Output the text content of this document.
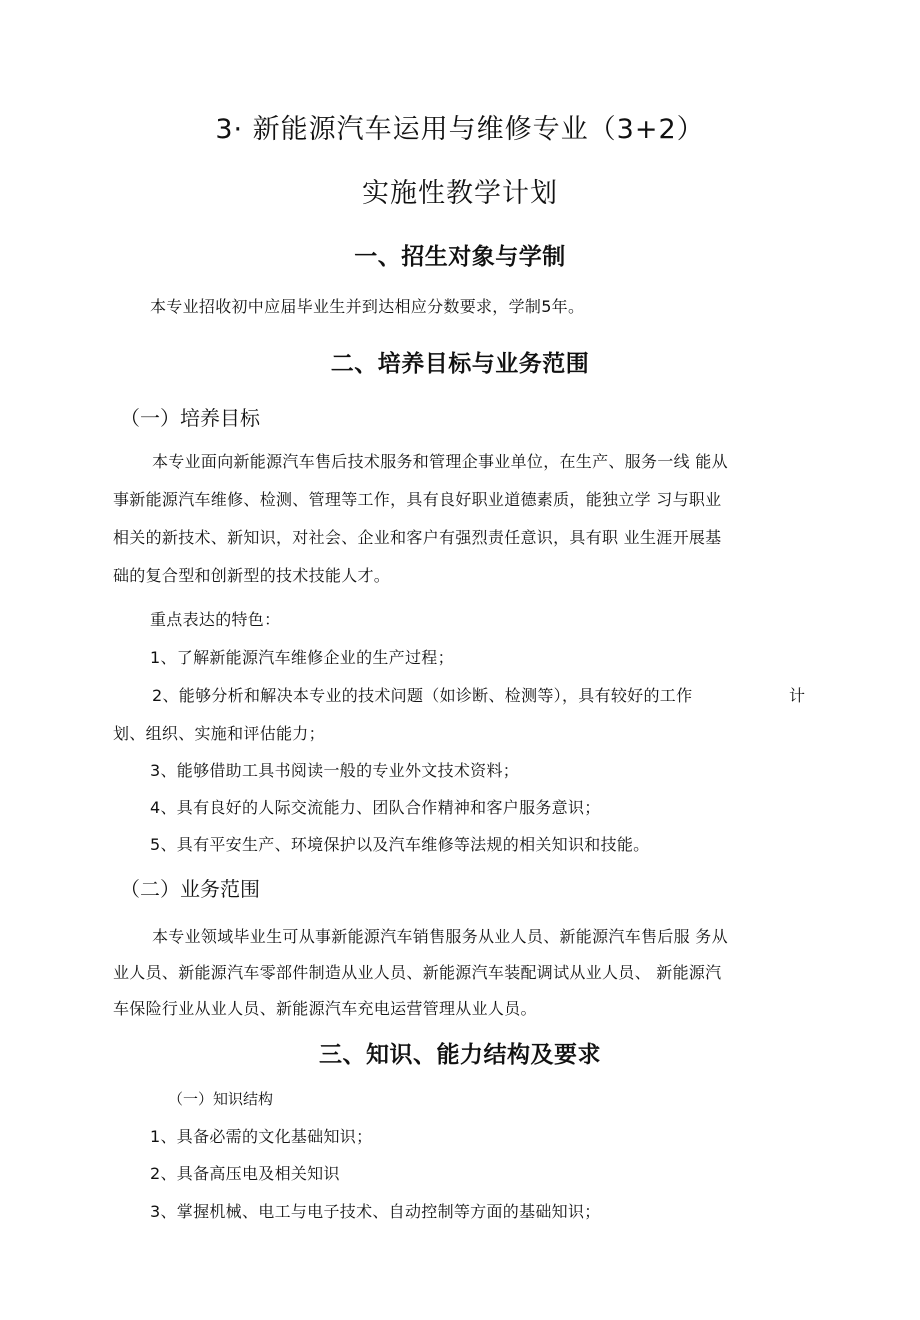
3· 新能源汽车运用与维修专业（3+2）
实施性教学计划
一、招生对象与学制
本专业招收初中应届毕业生并到达相应分数要求，学制5年。
二、培养目标与业务范围
（一）培养目标
本专业面向新能源汽车售后技术服务和管理企事业单位，在生产、服务一线 能从
事新能源汽车维修、检测、管理等工作，具有良好职业道德素质，能独立学 习与职业
相关的新技术、新知识，对社会、企业和客户有强烈责任意识，具有职 业生涯开展基
础的复合型和创新型的技术技能人才。
重点表达的特色：
1、了解新能源汽车维修企业的生产过程；
2、能够分析和解决本专业的技术问题（如诊断、检测等），具有较好的工作	计
划、组织、实施和评估能力；
3、能够借助工具书阅读一般的专业外文技术资料；
4、具有良好的人际交流能力、团队合作精神和客户服务意识；
5、具有平安生产、环境保护以及汽车维修等法规的相关知识和技能。
（二）业务范围
本专业领域毕业生可从事新能源汽车销售服务从业人员、新能源汽车售后服 务从
业人员、新能源汽车零部件制造从业人员、新能源汽车装配调试从业人员、 新能源汽
车保险行业从业人员、新能源汽车充电运营管理从业人员。
三、知识、能力结构及要求
（一）知识结构
1、具备必需的文化基础知识；
2、具备高压电及相关知识
3、掌握机械、电工与电子技术、自动控制等方面的基础知识；
